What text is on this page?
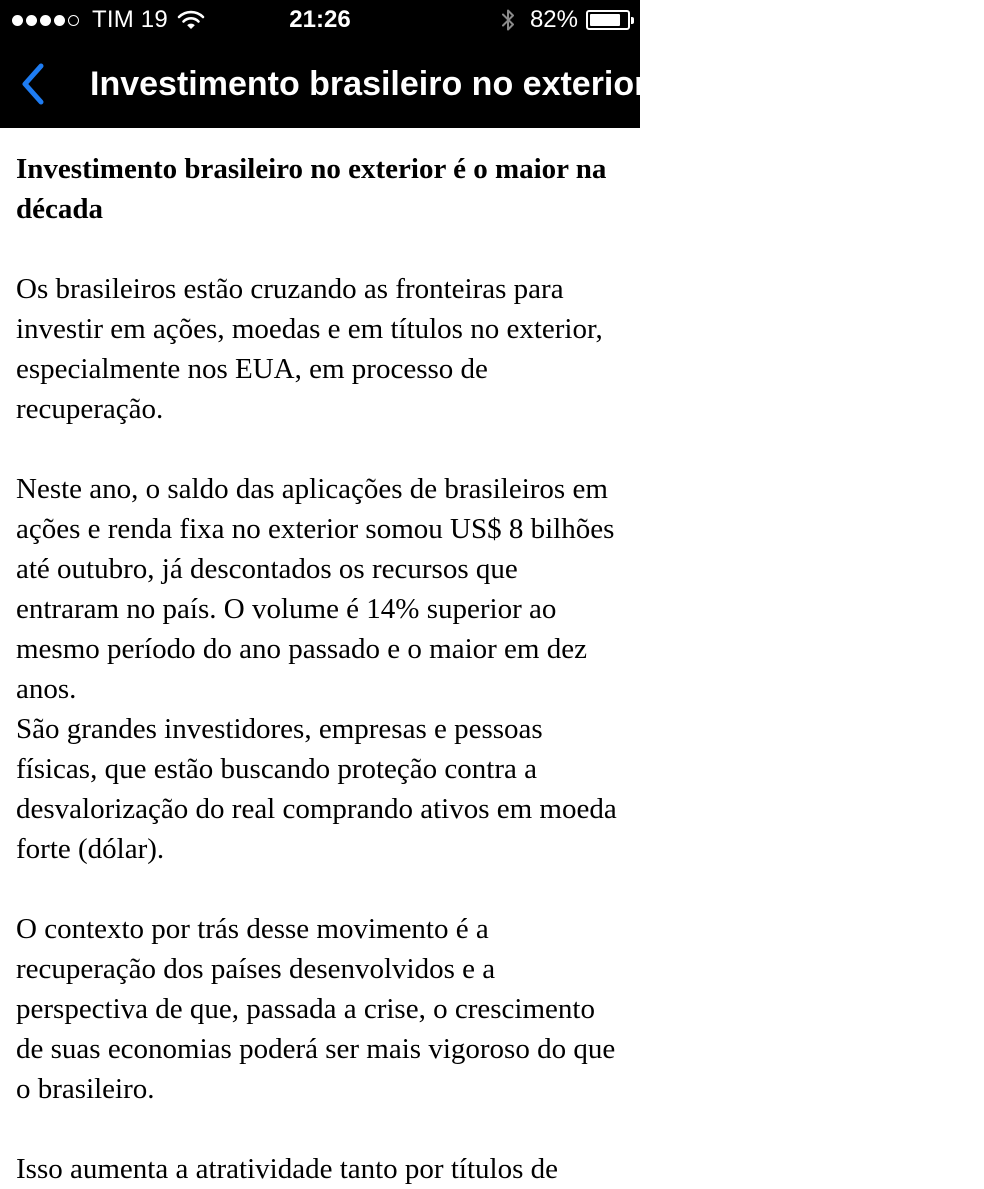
TIM 19	21:26	82%
Investimento brasileiro no exterior é o maior na década
Investimento brasileiro no exterior é o maior na década

Os brasileiros estão cruzando as fronteiras para investir em ações, moedas e em títulos no exterior, especialmente nos EUA, em processo de recuperação.

Neste ano, o saldo das aplicações de brasileiros em ações e renda fixa no exterior somou US$ 8 bilhões até outubro, já descontados os recursos que entraram no país. O volume é 14% superior ao mesmo período do ano passado e o maior em dez anos.

São grandes investidores, empresas e pessoas físicas, que estão buscando proteção contra a desvalorização do real comprando ativos em moeda forte (dólar).

O contexto por trás desse movimento é a recuperação dos países desenvolvidos e a perspectiva de que, passada a crise, o crescimento de suas economias poderá ser mais vigoroso do que o brasileiro.

Isso aumenta a atratividade tanto por títulos de
